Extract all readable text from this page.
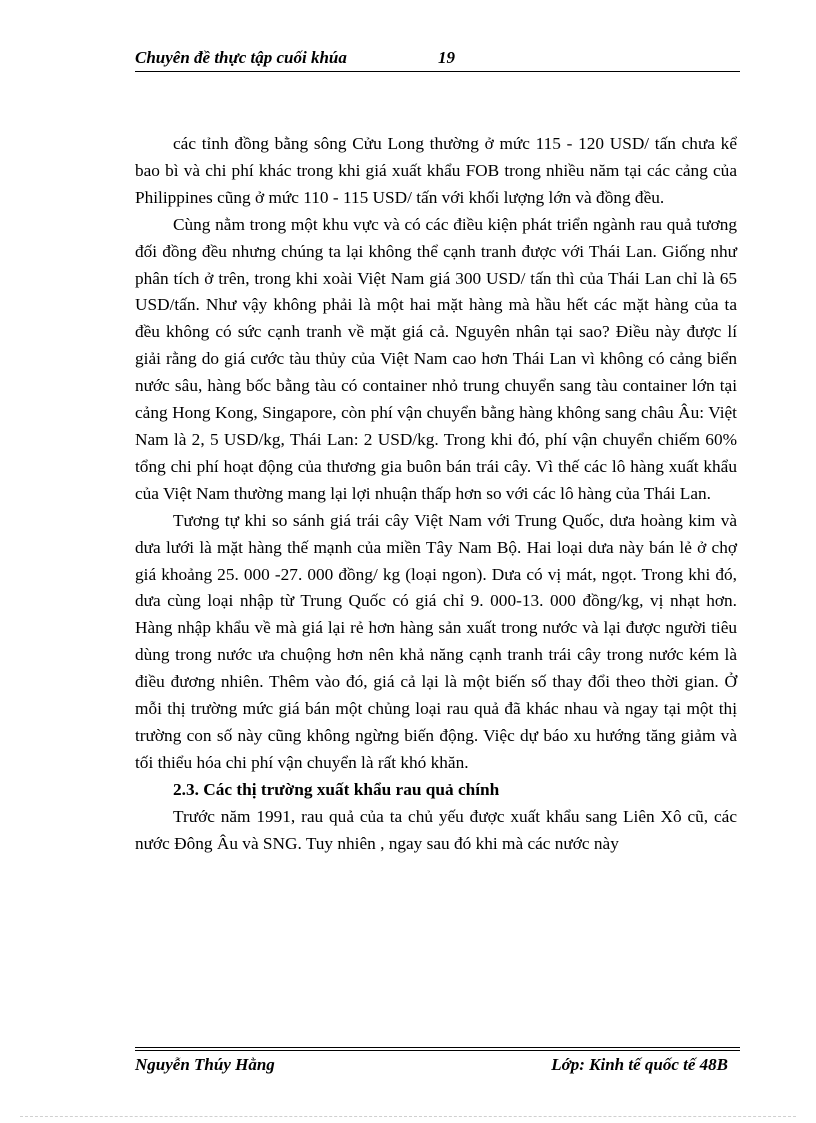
Chuyên đề thực tập cuối khúa	19

các tỉnh đồng bằng sông Cửu Long thường ở mức 115 - 120 USD/ tấn chưa kể bao bì và chi phí khác trong khi giá xuất khẩu FOB trong nhiều năm tại các cảng của Philippines cũng ở mức 110 - 115 USD/ tấn với khối lượng lớn và đồng đều.

Cùng nằm trong một khu vực và có các điều kiện phát triển ngành rau quả tương đối đồng đều nhưng chúng ta lại không thể cạnh tranh được với Thái Lan. Giống như phân tích ở trên, trong khi xoài Việt Nam giá 300 USD/ tấn thì của Thái Lan chỉ là 65 USD/tấn. Như vậy không phải là một hai mặt hàng mà hầu hết các mặt hàng của ta đều không có sức cạnh tranh về mặt giá cả. Nguyên nhân tại sao? Điều này được lí giải rằng do giá cước tàu thủy của Việt Nam cao hơn Thái Lan vì không có cảng biển nước sâu, hàng bốc bằng tàu có container nhỏ trung chuyển sang tàu container lớn tại cảng Hong Kong, Singapore, còn phí vận chuyển bằng hàng không sang châu Âu: Việt Nam là 2, 5 USD/kg, Thái Lan: 2 USD/kg. Trong khi đó, phí vận chuyển chiếm 60% tổng chi phí hoạt động của thương gia buôn bán trái cây. Vì thế các lô hàng xuất khẩu của Việt Nam thường mang lại lợi nhuận thấp hơn so với các lô hàng của Thái Lan.

Tương tự khi so sánh giá trái cây Việt Nam với Trung Quốc, dưa hoàng kim và dưa lưới là mặt hàng thế mạnh của miền Tây Nam Bộ. Hai loại dưa này bán lẻ ở chợ giá khoảng 25. 000 -27. 000 đồng/ kg (loại ngon). Dưa có vị mát, ngọt. Trong khi đó, dưa cùng loại nhập từ Trung Quốc có giá chỉ 9. 000-13. 000 đồng/kg, vị nhạt hơn. Hàng nhập khẩu về mà giá lại rẻ hơn hàng sản xuất trong nước và lại được người tiêu dùng trong nước ưa chuộng hơn nên khả năng cạnh tranh trái cây trong nước kém là điều đương nhiên. Thêm vào đó, giá cả lại là một biến số thay đổi theo thời gian. Ở mỗi thị trường mức giá bán một chủng loại rau quả đã khác nhau và ngay tại một thị trường con số này cũng không ngừng biến động. Việc dự báo xu hướng tăng giảm và tối thiểu hóa chi phí vận chuyển là rất khó khăn.

2.3. Các thị trường xuất khẩu rau quả chính

Trước năm 1991, rau quả của ta chủ yếu được xuất khẩu sang Liên Xô cũ, các nước Đông Âu và SNG. Tuy nhiên , ngay sau đó khi mà các nước này

Nguyễn Thúy Hằng	Lớp: Kinh tế quốc tế 48B
